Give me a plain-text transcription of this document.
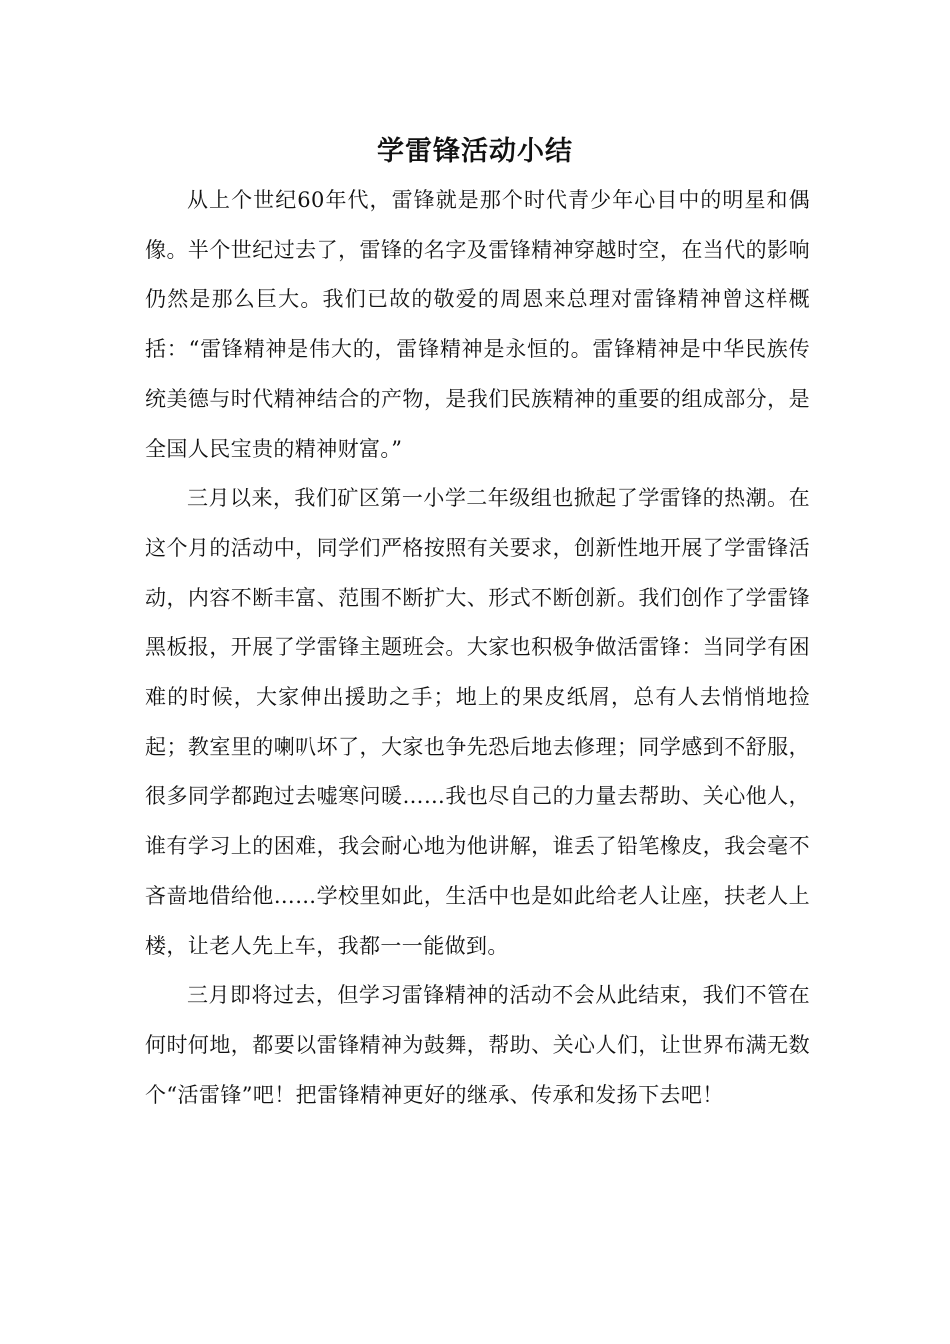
学雷锋活动小结

从上个世纪60年代，雷锋就是那个时代青少年心目中的明星和偶像。半个世纪过去了，雷锋的名字及雷锋精神穿越时空，在当代的影响仍然是那么巨大。我们已故的敬爱的周恩来总理对雷锋精神曾这样概括：“雷锋精神是伟大的，雷锋精神是永恒的。雷锋精神是中华民族传统美德与时代精神结合的产物，是我们民族精神的重要的组成部分，是全国人民宝贵的精神财富。”

三月以来，我们矿区第一小学二年级组也掀起了学雷锋的热潮。在这个月的活动中，同学们严格按照有关要求，创新性地开展了学雷锋活动，内容不断丰富、范围不断扩大、形式不断创新。我们创作了学雷锋黑板报，开展了学雷锋主题班会。大家也积极争做活雷锋：当同学有困难的时候，大家伸出援助之手；地上的果皮纸屑，总有人去悄悄地捡起；教室里的喇叭坏了，大家也争先恐后地去修理；同学感到不舒服，很多同学都跑过去嘘寒问暖……我也尽自己的力量去帮助、关心他人，谁有学习上的困难，我会耐心地为他讲解，谁丢了铅笔橡皮，我会毫不吝啬地借给他……学校里如此，生活中也是如此给老人让座，扶老人上楼，让老人先上车，我都一一能做到。

三月即将过去，但学习雷锋精神的活动不会从此结束，我们不管在何时何地，都要以雷锋精神为鼓舞，帮助、关心人们，让世界布满无数个“活雷锋”吧！把雷锋精神更好的继承、传承和发扬下去吧！
